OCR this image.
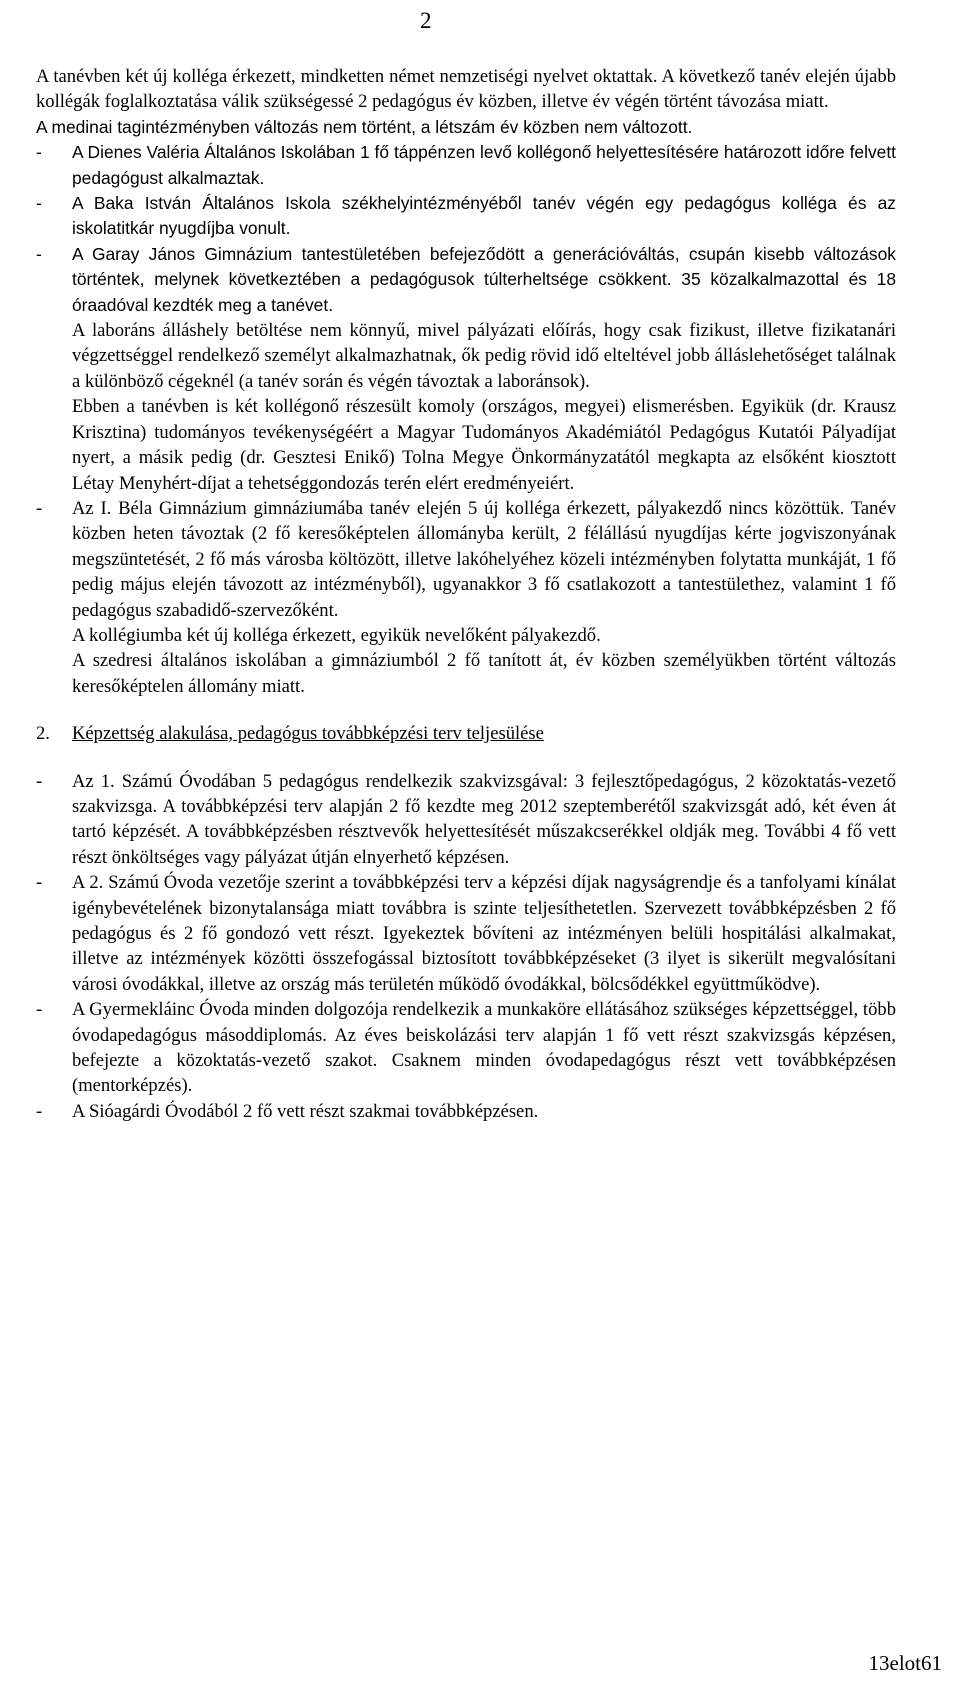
2

A tanévben két új kolléga érkezett, mindketten német nemzetiségi nyelvet oktattak. A következő tanév elején újabb kollégák foglalkoztatása válik szükségessé 2 pedagógus év közben, illetve év végén történt távozása miatt.

A medinai tagintézményben változás nem történt, a létszám év közben nem változott.

-	A Dienes Valéria Általános Iskolában 1 fő táppénzen levő kollégonő helyettesítésére határozott időre felvett pedagógust alkalmaztak.
-	A Baka István Általános Iskola székhelyintézményéből tanév végén egy pedagógus kolléga és az iskolatitkár nyugdíjba vonult.
-	A Garay János Gimnázium tantestületében befejeződött a generációváltás, csupán kisebb változások történtek, melynek következtében a pedagógusok túlterheltsége csökkent. 35 közalkalmazottal és 18 óraadóval kezdték meg a tanévet.

A laboráns álláshely betöltése nem könnyű, mivel pályázati előírás, hogy csak fizikust, illetve fizikatanári végzettséggel rendelkező személyt alkalmazhatnak, ők pedig rövid idő elteltével jobb álláslehetőséget találnak a különböző cégeknél (a tanév során és végén távoztak a laboránsok).

Ebben a tanévben is két kollégonő részesült komoly (országos, megyei) elismerésben. Egyikük (dr. Krausz Krisztina) tudományos tevékenységéért a Magyar Tudományos Akadémiától Pedagógus Kutatói Pályadíjat nyert, a másik pedig (dr. Gesztesi Enikő) Tolna Megye Önkormányzatától megkapta az elsőként kiosztott Létay Menyhért-díjat a tehetséggondozás terén elért eredményeiért.

-	Az I. Béla Gimnázium gimnáziumába tanév elején 5 új kolléga érkezett, pályakezdő nincs közöttük. Tanév közben heten távoztak (2 fő keresőképtelen állományba került, 2 félállású nyugdíjas kérte jogviszonyának megszüntetését, 2 fő más városba költözött, illetve lakóhelyéhez közeli intézményben folytatta munkáját, 1 fő pedig május elején távozott az intézményből), ugyanakkor 3 fő csatlakozott a tantestülethez, valamint 1 fő pedagógus szabadidő-szervezőként.

A kollégiumba két új kolléga érkezett, egyikük nevelőként pályakezdő.

A szedresi általános iskolában a gimnáziumból 2 fő tanított át, év közben személyükben történt változás keresőképtelen állomány miatt.

2.	Képzettség alakulása, pedagógus továbbképzési terv teljesülése
-	Az 1. Számú Óvodában 5 pedagógus rendelkezik szakvizsgával: 3 fejlesztőpedagógus, 2 közoktatás-vezető szakvizsga. A továbbképzési terv alapján 2 fő kezdte meg 2012 szeptemberétől szakvizsgát adó, két éven át tartó képzését. A továbbképzésben résztvevők helyettesítését műszakcserékkel oldják meg. További 4 fő vett részt önköltséges vagy pályázat útján elnyerhető képzésen.
-	A 2. Számú Óvoda vezetője szerint a továbbképzési terv a képzési díjak nagyságrendje és a tanfolyami kínálat igénybevételének bizonytalansága miatt továbbra is szinte teljesíthetetlen. Szervezett továbbképzésben 2 fő pedagógus és 2 fő gondozó vett részt. Igyekeztek bővíteni az intézményen belüli hospitálási alkalmakat, illetve az intézmények közötti összefogással biztosított továbbképzéseket (3 ilyet is sikerült megvalósítani városi óvodákkal, illetve az ország más területén működő óvodákkal, bölcsődékkel együttműködve).
-	A Gyermekláinc Óvoda minden dolgozója rendelkezik a munkaköre ellátásához szükséges képzettséggel, több óvodapedagógus másoddiplomás. Az éves beiskolázási terv alapján 1 fő vett részt szakvizsgás képzésen, befejezte a közoktatás-vezető szakot. Csaknem minden óvodapedagógus részt vett továbbképzésen (mentorképzés).
-	A Sióagárdi Óvodából 2 fő vett részt szakmai továbbképzésen.
13elot61
